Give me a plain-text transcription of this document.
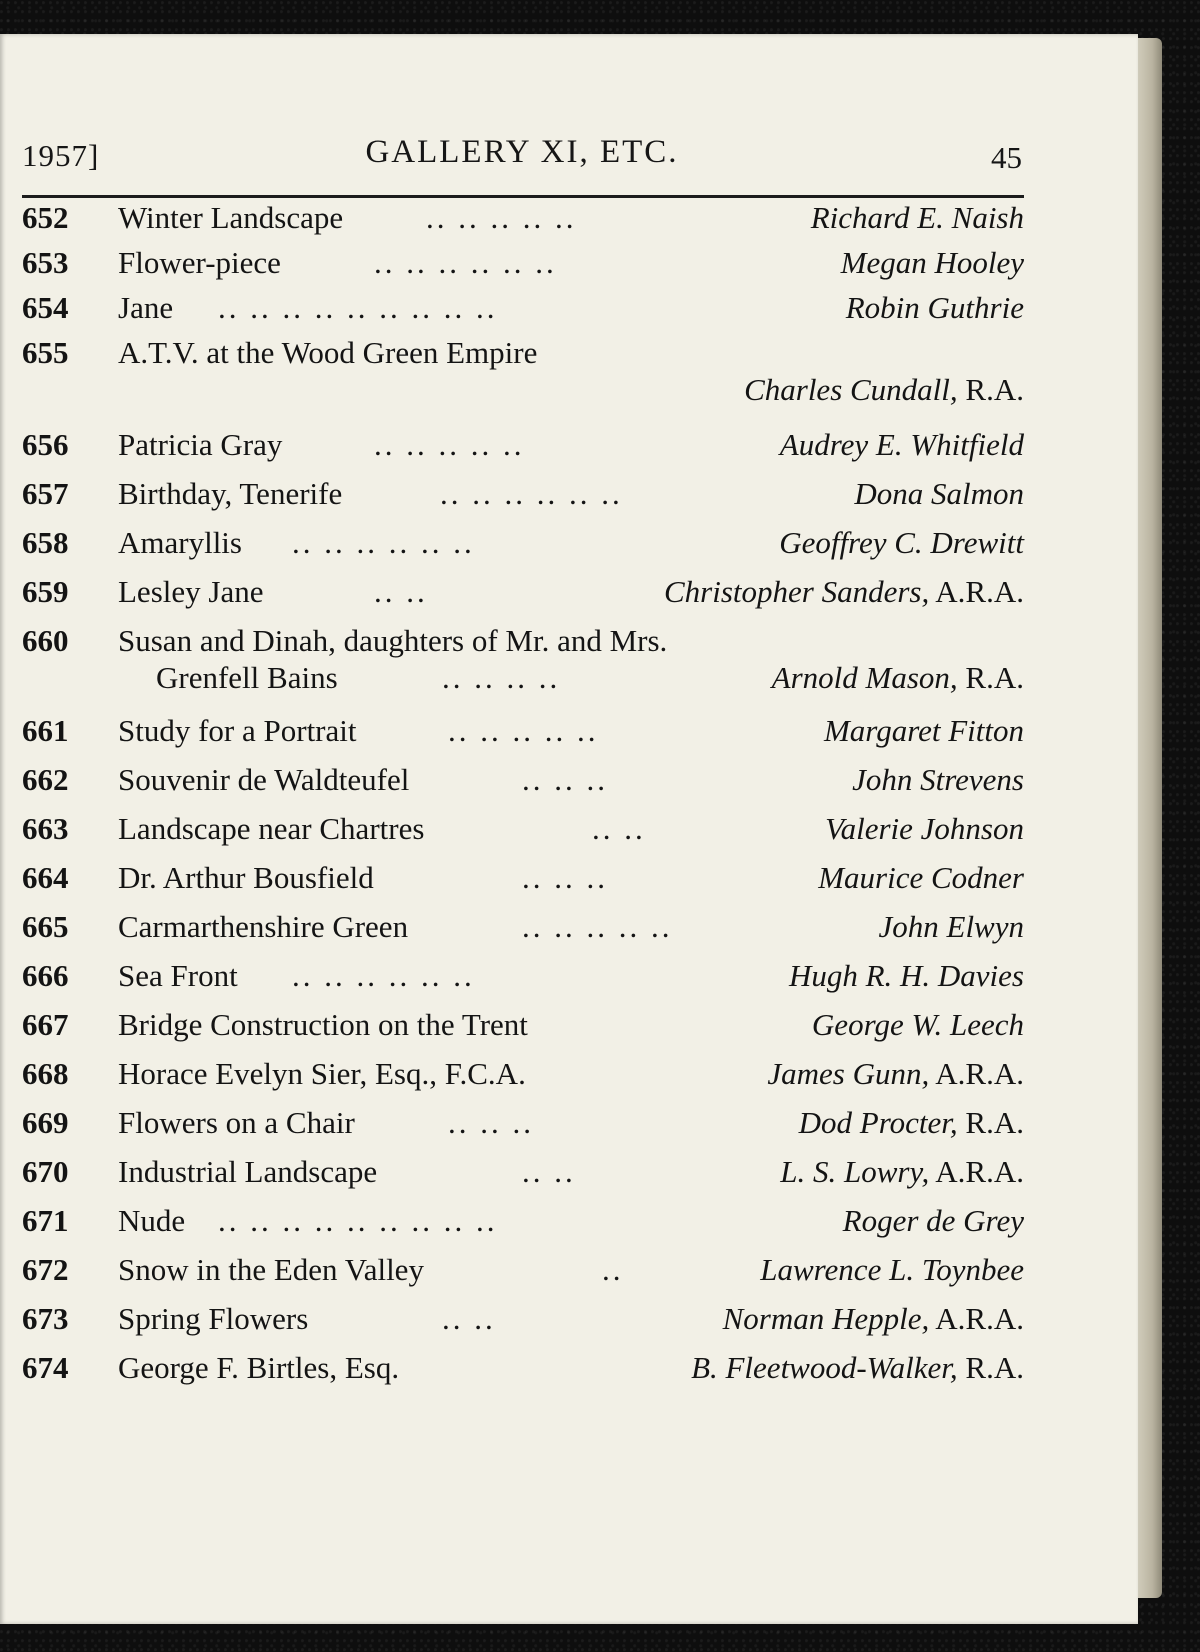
1957]	GALLERY XI, ETC.	45
652 Winter Landscape	.. .. .. .. ..	Richard E. Naish
653 Flower-piece	.. .. .. .. .. ..	Megan Hooley
654 Jane .. .. .. .. .. .. .. .. ..	Robin Guthrie
655 A.T.V. at the Wood Green Empire
Charles Cundall, R.A.
656 Patricia Gray	.. .. .. .. ..	Audrey E. Whitfield
657 Birthday, Tenerife	.. .. .. .. .. ..	Dona Salmon
658 Amaryllis .. .. .. .. .. ..	Geoffrey C. Drewitt
659 Lesley Jane	.. ..	Christopher Sanders, A.R.A.
660 Susan and Dinah, daughters of Mr. and Mrs.
Grenfell Bains	.. .. .. ..	Arnold Mason, R.A.
661 Study for a Portrait	.. .. .. .. ..	Margaret Fitton
662 Souvenir de Waldteufel	.. .. ..	John Strevens
663 Landscape near Chartres	.. ..	Valerie Johnson
664 Dr. Arthur Bousfield	.. .. ..	Maurice Codner
665 Carmarthenshire Green	.. .. .. .. ..	John Elwyn
666 Sea Front .. .. .. .. .. ..	Hugh R. H. Davies
667 Bridge Construction on the Trent	George W. Leech
668 Horace Evelyn Sier, Esq., F.C.A.	James Gunn, A.R.A.
669 Flowers on a Chair	.. .. ..	Dod Procter, R.A.
670 Industrial Landscape	.. ..	L. S. Lowry, A.R.A.
671 Nude .. .. .. .. .. .. .. .. ..	Roger de Grey
672 Snow in the Eden Valley	..	Lawrence L. Toynbee
673 Spring Flowers	.. ..	Norman Hepple, A.R.A.
674 George F. Birtles, Esq.	B. Fleetwood-Walker, R.A.
